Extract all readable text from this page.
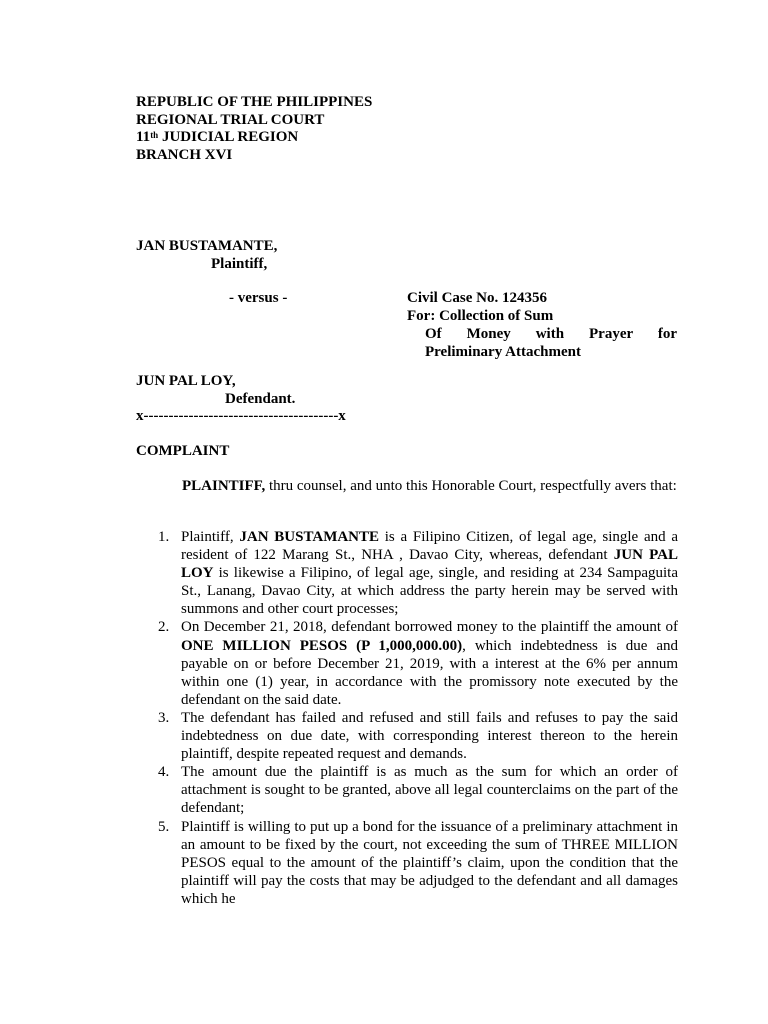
REPUBLIC OF THE PHILIPPINES
REGIONAL TRIAL COURT
11th JUDICIAL REGION
BRANCH XVI
JAN BUSTAMANTE,
Plaintiff,
- versus -	Civil Case No. 124356
For: Collection of Sum
Of Money with Prayer for
Preliminary Attachment
JUN PAL LOY,
Defendant.
x---------------------------------------x
COMPLAINT
PLAINTIFF, thru counsel, and unto this Honorable Court, respectfully avers that:
1. Plaintiff, JAN BUSTAMANTE is a Filipino Citizen, of legal age, single and a resident of 122 Marang St., NHA , Davao City, whereas, defendant JUN PAL LOY is likewise a Filipino, of legal age, single, and residing at 234 Sampaguita St., Lanang, Davao City, at which address the party herein may be served with summons and other court processes;
2. On December 21, 2018, defendant borrowed money to the plaintiff the amount of ONE MILLION PESOS (P 1,000,000.00), which indebtedness is due and payable on or before December 21, 2019, with a interest at the 6% per annum within one (1) year, in accordance with the promissory note executed by the defendant on the said date.
3. The defendant has failed and refused and still fails and refuses to pay the said indebtedness on due date, with corresponding interest thereon to the herein plaintiff, despite repeated request and demands.
4. The amount due the plaintiff is as much as the sum for which an order of attachment is sought to be granted, above all legal counterclaims on the part of the defendant;
5. Plaintiff is willing to put up a bond for the issuance of a preliminary attachment in an amount to be fixed by the court, not exceeding the sum of THREE MILLION PESOS equal to the amount of the plaintiff’s claim, upon the condition that the plaintiff will pay the costs that may be adjudged to the defendant and all damages which he
